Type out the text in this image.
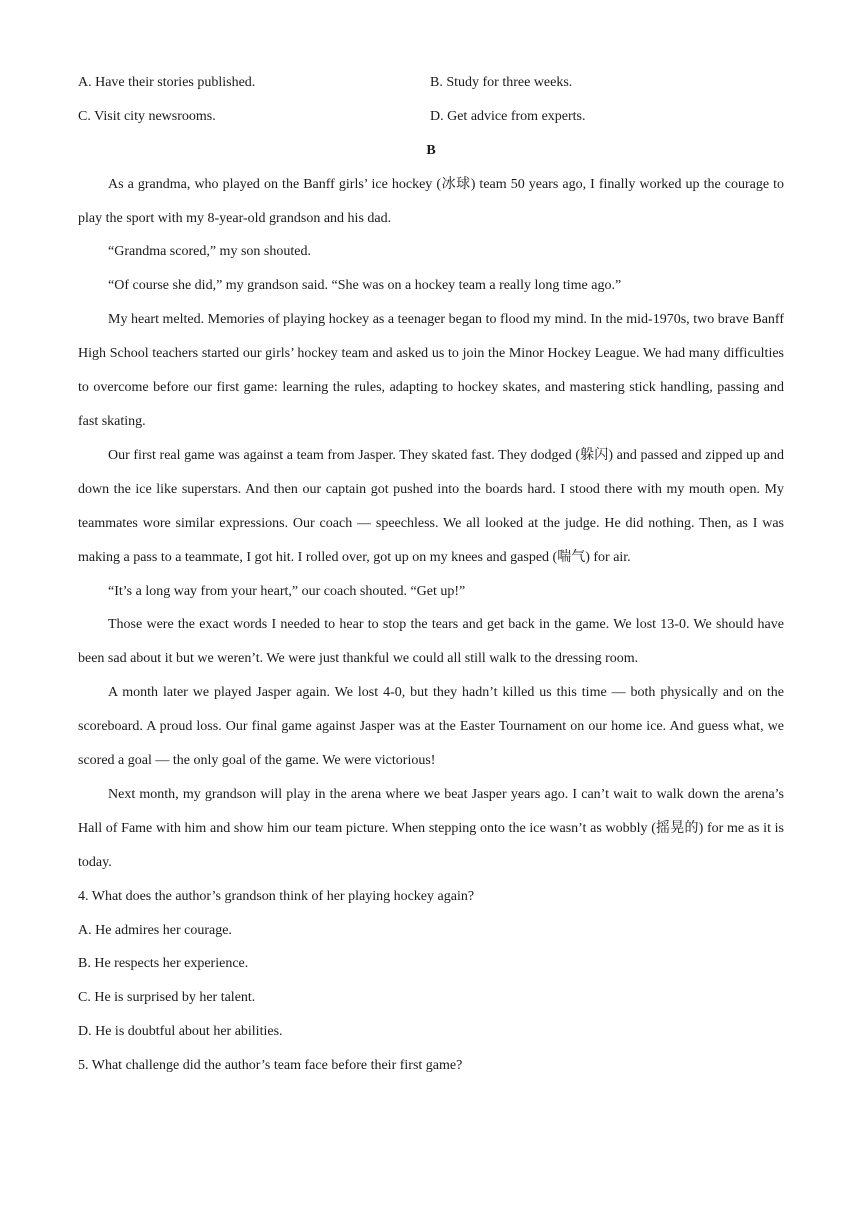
A. Have their stories published.	B. Study for three weeks.
C. Visit city newsrooms.	D. Get advice from experts.
B

As a grandma, who played on the Banff girls’ ice hockey (冰球) team 50 years ago, I finally worked up the courage to play the sport with my 8-year-old grandson and his dad.

“Grandma scored,” my son shouted.

“Of course she did,” my grandson said. “She was on a hockey team a really long time ago.”

My heart melted. Memories of playing hockey as a teenager began to flood my mind. In the mid-1970s, two brave Banff High School teachers started our girls’ hockey team and asked us to join the Minor Hockey League. We had many difficulties to overcome before our first game: learning the rules, adapting to hockey skates, and mastering stick handling, passing and fast skating.

Our first real game was against a team from Jasper. They skated fast. They dodged (躲闪) and passed and zipped up and down the ice like superstars. And then our captain got pushed into the boards hard. I stood there with my mouth open. My teammates wore similar expressions. Our coach — speechless. We all looked at the judge. He did nothing. Then, as I was making a pass to a teammate, I got hit. I rolled over, got up on my knees and gasped (喘气) for air.

“It’s a long way from your heart,” our coach shouted. “Get up!”

Those were the exact words I needed to hear to stop the tears and get back in the game. We lost 13-0. We should have been sad about it but we weren’t. We were just thankful we could all still walk to the dressing room.

A month later we played Jasper again. We lost 4-0, but they hadn’t killed us this time — both physically and on the scoreboard. A proud loss. Our final game against Jasper was at the Easter Tournament on our home ice. And guess what, we scored a goal — the only goal of the game. We were victorious!

Next month, my grandson will play in the arena where we beat Jasper years ago. I can’t wait to walk down the arena’s Hall of Fame with him and show him our team picture. When stepping onto the ice wasn’t as wobbly (摇晃的) for me as it is today.

4. What does the author’s grandson think of her playing hockey again?
A. He admires her courage.
B. He respects her experience.
C. He is surprised by her talent.
D. He is doubtful about her abilities.
5. What challenge did the author’s team face before their first game?
